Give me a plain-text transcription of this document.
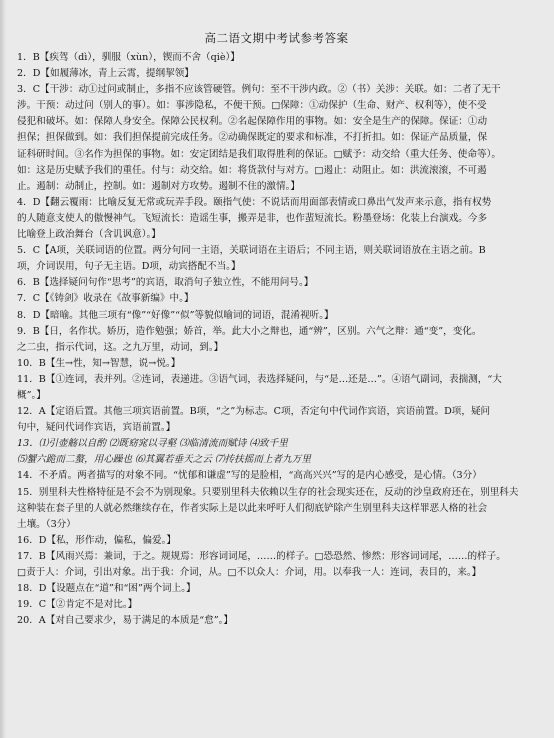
高二语文期中考试参考答案
1．B【疾驾（dì），驯服（xùn），锲而不舍（qiè）】
2．D【如履薄冰，青上云霄，提纲挈领】
3．C【干涉：动①过问或制止，多指不应该管硬管。例句：至不干涉内政。②（书）关涉：关联。如：二者了无干
涉。干预：动过问（别人的事）。如：事涉隐私，不便干预。□保障：①动保护（生命、财产、权利等），使不受
侵犯和破坏。如：保障人身安全。保障公民权利。②名起保障作用的事物。如：安全是生产的保障。保证：①动
担保；担保做到。如：我们担保提前完成任务。②动确保既定的要求和标准，不打折扣。如：保证产品质量，保
证科研时间。③名作为担保的事物。如：安定团结是我们取得胜利的保证。□赋予：动交给（重大任务、使命等）。
如：这是历史赋予我们的重任。付与：动交给。如：将货款付与对方。□遏止：动阻止。如：洪流滚滚，不可遏
止。遏制：动制止，控制。如：遏制对方攻势。遏制不住的激情。】
4．D【翻云覆雨：比喻反复无常或玩弄手段。颐指气使：不说话而用面部表情或口鼻出气发声来示意，指有权势
的人随意支使人的傲慢神气。飞短流长：造谣生事，搬弄是非，也作蜚短流长。粉墨登场：化装上台演戏。今多
比喻登上政治舞台（含讥讽意）。】
5．C【A项，关联词语的位置。两分句同一主语，关联词语在主语后；不同主语，则关联词语放在主语之前。B
项，介词误用，句子无主语。D项，动宾搭配不当。】
6．B【选择疑问句作“思考”的宾语，取消句子独立性，不能用问号。】
7．C【《铸剑》收录在《故事新编》中。】
8．D【暗喻。其他三项有“像”“好像”“似”等貌似喻词的词语，混淆视听。】
9．B【日，名作状。娇历，造作勉强；娇首，举。此大小之辩也，通“辨”，区别。六气之辩：通“变”，变化。
之二虫，指示代词，这。之九万里，动词，到。】
10．B【生→性，知→智慧，说→悦。】
11．B【①连词，表并列。②连词，表递进。③语气词，表选择疑问，与“是…还是…”。④语气副词，表揣测，“大
概”。】
12．A【定语后置。其他三项宾语前置。B项，“之”为标志。C项，否定句中代词作宾语，宾语前置。D项，疑问
句中，疑问代词作宾语，宾语前置。】
13．⑴引壶觞以自酌 ⑵既窈窕以寻壑 ⑶临清流而赋诗 ⑷致千里
⑸蟹六跪而二螯，用心躁也 ⑹其翼若垂天之云 ⑺抟扶摇而上者九万里
14．不矛盾。两者描写的对象不同。“忧郁和谦虚”写的是脸相，“高高兴兴”写的是内心感受，是心情。（3分）
15．别里科夫性格特征是不会不为别现象。只要别里科夫依赖以生存的社会现实还在，反动的沙皇政府还在，别里科夫
这种装在套子里的人就必然继续存在，作者实际上是以此来呼吁人们彻底铲除产生别里科夫这样罪恶人格的社会
土壤。（3分）
16．D【私，形作动，偏私，偏爱。】
17．B【风雨兴焉：兼词，于之。规规焉：形容词词尾，……的样子。□恐恐然、惨然：形容词词尾，……的样子。
□责于人：介词，引出对象。出于我：介词，从。□不以众人：介词，用。以奉我一人：连词，表目的，来。】
18．D【设题点在“道”和“困”两个词上。】
19．C【②肯定不是对比。】
20．A【对自己要求少，易于满足的本质是“怠”。】
